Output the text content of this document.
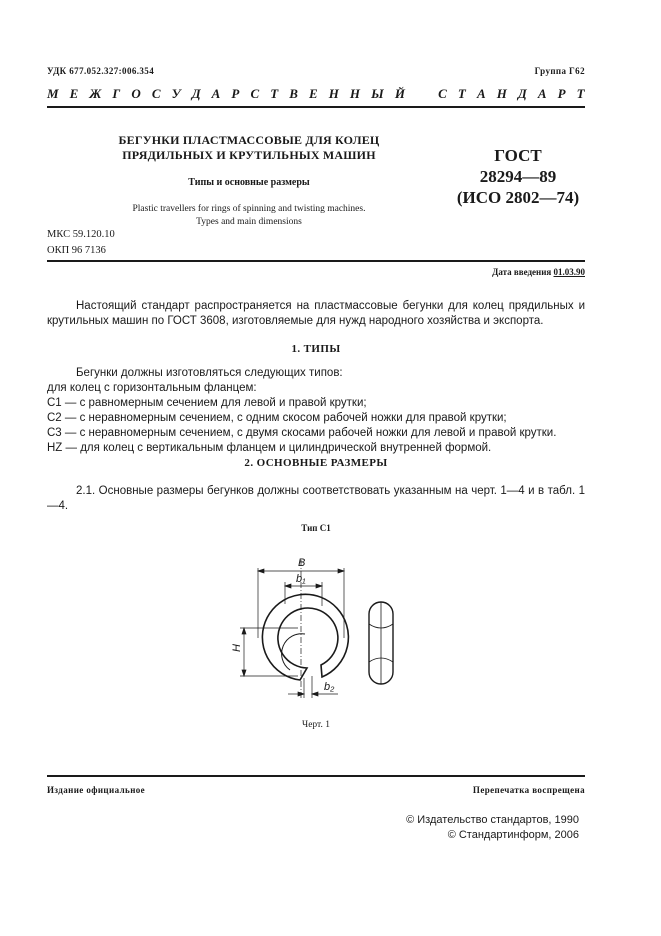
УДК 677.052.327:006.354	Группа Г62
М Е Ж Г О С У Д А Р С Т В Е Н Н Ы Й	С Т А Н Д А Р Т
БЕГУНКИ ПЛАСТМАССОВЫЕ ДЛЯ КОЛЕЦ
ПРЯДИЛЬНЫХ И КРУТИЛЬНЫХ МАШИН
Типы и основные размеры
Plastic travellers for rings of spinning and twisting machines.
Types and main dimensions
ГОСТ
28294—89
(ИСО 2802—74)
МКС 59.120.10
ОКП 96 7136
Дата введения 01.03.90
Настоящий стандарт распространяется на пластмассовые бегунки для колец прядильных и крутильных машин по ГОСТ 3608, изготовляемые для нужд народного хозяйства и экспорта.
1. ТИПЫ
Бегунки должны изготовляться следующих типов:
для колец с горизонтальным фланцем:
С1 — с равномерным сечением для левой и правой крутки;
С2 — с неравномерным сечением, с одним скосом рабочей ножки для правой крутки;
С3 — с неравномерным сечением, с двумя скосами рабочей ножки для левой и правой крутки.
HZ — для колец с вертикальным фланцем и цилиндрической внутренней формой.
2. ОСНОВНЫЕ РАЗМЕРЫ
2.1. Основные размеры бегунков должны соответствовать указанным на черт. 1—4 и в табл. 1—4.
Тип С1
B
b₁
H
b₂
Черт. 1
Издание официальное	Перепечатка воспрещена
© Издательство стандартов, 1990
© Стандартинформ, 2006
